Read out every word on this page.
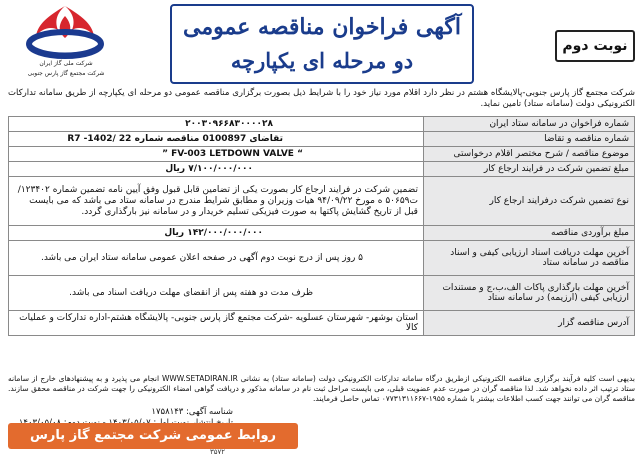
نوبت دوم
آگهی فراخوان مناقصه عمومی
دو مرحله ای یکپارچه
شرکت ملی گاز ایران
شرکت مجتمع گاز پارس جنوبی
شرکت مجتمع گاز پارس جنوبی-پالایشگاه هشتم در نظر دارد اقلام مورد نیاز خود را با شرایط ذیل بصورت برگزاری مناقصه عمومی دو مرحله ای یکپارچه از طریق سامانه تدارکات الکترونیکی دولت (سامانه ستاد) تامین نماید.
شماره فراخوان در سامانه ستاد ایران	۲۰۰۳۰۹۶۶۸۳۰۰۰۰۲۸
شماره مناقصه و تقاضا	تقاضای 0100897 مناقصه شماره 22 /1402- R7
موضوع مناقصه / شرح مختصر اقلام درخواستی	“ FV-003 LETDOWN VALVE ”
مبلغ تضمین شرکت در فرایند ارجاع کار	۷/۱۰۰/۰۰۰/۰۰۰ ریال
نوع تضمین شرکت درفرایند ارجاع کار	تضمین شرکت در فرایند ارجاع کار بصورت یکی از تضامین قابل قبول وفق آیین نامه تضمین شماره ۱۲۳۴۰۲/ت۵۰۶۵۹ ه مورخ ۹۴/۰۹/۲۲ هیات وزیران و مطابق شرایط مندرج در سامانه ستاد می باشد که می بایست قبل از تاریخ گشایش پاکتها به صورت فیزیکی تسلیم خریدار و در سامانه نیز بارگذاری گردد.
مبلغ برآوردی مناقصه	۱۴۲/۰۰۰/۰۰۰/۰۰۰ ریال
آخرین مهلت دریافت اسناد ارزیابی کیفی و اسناد مناقصه در سامانه ستاد	۵ روز پس از درج نوبت دوم آگهی در صفحه اعلان عمومی سامانه ستاد ایران می باشد.
آخرین مهلت بارگذاری پاکات الف،ب،ج و مستندات ارزیابی کیفی (ارزیمه) در سامانه ستاد	ظرف مدت دو هفته پس از انقضای مهلت دریافت اسناد می باشد.
آدرس مناقصه گزار	استان بوشهر- شهرستان عسلویه -شرکت مجتمع گاز پارس جنوبی- پالایشگاه هشتم-اداره تدارکات و عملیات کالا
بدیهی است کلیه فرآیند برگزاری مناقصه الکترونیکی ازطریق درگاه سامانه تدارکات الکترونیکی دولت (سامانه ستاد) به نشانی WWW.SETADIRAN.IR انجام می پذیرد و به پیشنهادهای خارج از سامانه ستاد ترتیب اثر داده نخواهد شد. لذا مناقصه گران در صورت عدم عضویت قبلی، می بایست مراحل ثبت نام در سامانه مذکور و دریافت گواهی امضاء الکترونیکی را جهت شرکت در مناقصه محقق سازند. مناقصه گران می توانند جهت کسب اطلاعات بیشتر با شماره ۱۹۵۵-۰۷۷۳۱۳۱۱۶۶۷ تماس حاصل فرمایند.
شناسه آگهی: ۱۷۵۸۱۴۳
روابط عمومی شرکت مجتمع گاز پارس جنوبی
۳۵۷۲
